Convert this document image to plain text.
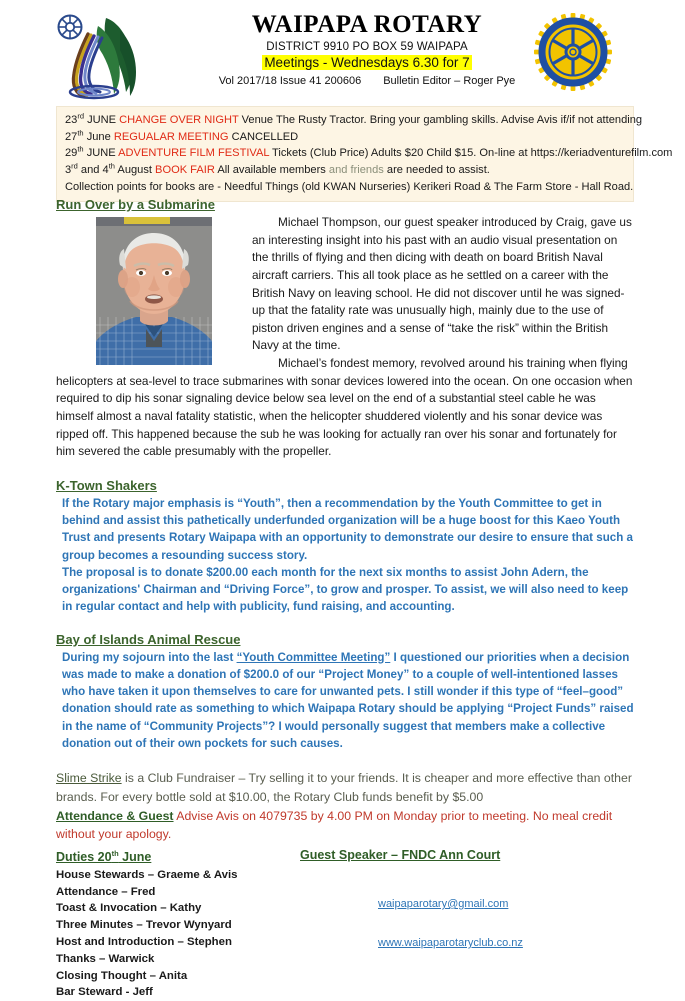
WAIPAPA ROTARY
DISTRICT 9910 PO BOX 59 WAIPAPA
Meetings - Wednesdays 6.30 for 7
Vol 2017/18 Issue 41 200606 Bulletin Editor – Roger Pye
23rd JUNE CHANGE OVER NIGHT Venue The Rusty Tractor. Bring your gambling skills. Advise Avis if/if not attending
27th June REGUALAR MEETING CANCELLED
29th JUNE ADVENTURE FILM FESTIVAL Tickets (Club Price) Adults $20 Child $15. On-line at https://keriadventurefilm.com
3rd and 4th August BOOK FAIR All available members and friends are needed to assist.
Collection points for books are - Needful Things (old KWAN Nurseries) Kerikeri Road & The Farm Store - Hall Road.
Run Over by a Submarine

Michael Thompson, our guest speaker introduced by Craig, gave us an interesting insight into his past with an audio visual presentation on the thrills of flying and then dicing with death on board British Naval aircraft carriers. This all took place as he settled on a career with the British Navy on leaving school. He did not discover until he was signed-up that the fatality rate was unusually high, mainly due to the use of piston driven engines and a sense of “take the risk” within the British Navy at the time.

Michael’s fondest memory, revolved around his training when flying helicopters at sea-level to trace submarines with sonar devices lowered into the ocean. On one occasion when required to dip his sonar signaling device below sea level on the end of a substantial steel cable he was himself almost a naval fatality statistic, when the helicopter shuddered violently and his sonar device was ripped off. This happened because the sub he was looking for actually ran over his sonar and fortunately for him severed the cable presumably with the propeller.

K-Town Shakers

If the Rotary major emphasis is “Youth”, then a recommendation by the Youth Committee to get in behind and assist this pathetically underfunded organization will be a huge boost for this Kaeo Youth Trust and presents Rotary Waipapa with an opportunity to demonstrate our desire to ensure that such a group becomes a resounding success story.

The proposal is to donate $200.00 each month for the next six months to assist John Adern, the organizations' Chairman and “Driving Force”, to grow and prosper. To assist, we will also need to keep in regular contact and help with publicity, fund raising, and accounting.

Bay of Islands Animal Rescue

During my sojourn into the last “Youth Committee Meeting” I questioned our priorities when a decision was made to make a donation of $200.0 of our “Project Money” to a couple of well-intentioned lasses who have taken it upon themselves to care for unwanted pets. I still wonder if this type of “feel–good” donation should rate as something to which Waipapa Rotary should be applying “Project Funds” raised in the name of “Community Projects”? I would personally suggest that members make a collective donation out of their own pockets for such causes.

Slime Strike is a Club Fundraiser – Try selling it to your friends. It is cheaper and more effective than other brands. For every bottle sold at $10.00, the Rotary Club funds benefit by $5.00

Attendance & Guest Advise Avis on 4079735 by 4.00 PM on Monday prior to meeting. No meal credit without your apology.

Duties 20th June	Guest Speaker – FNDC Ann Court
House Stewards – Graeme & Avis
Attendance – Fred
Toast & Invocation – Kathy
Three Minutes – Trevor Wynyard
Host and Introduction – Stephen
Thanks – Warwick
Closing Thought – Anita
Bar Steward - Jeff
waipaparotary@gmail.com
www.waipaparotaryclub.co.nz
